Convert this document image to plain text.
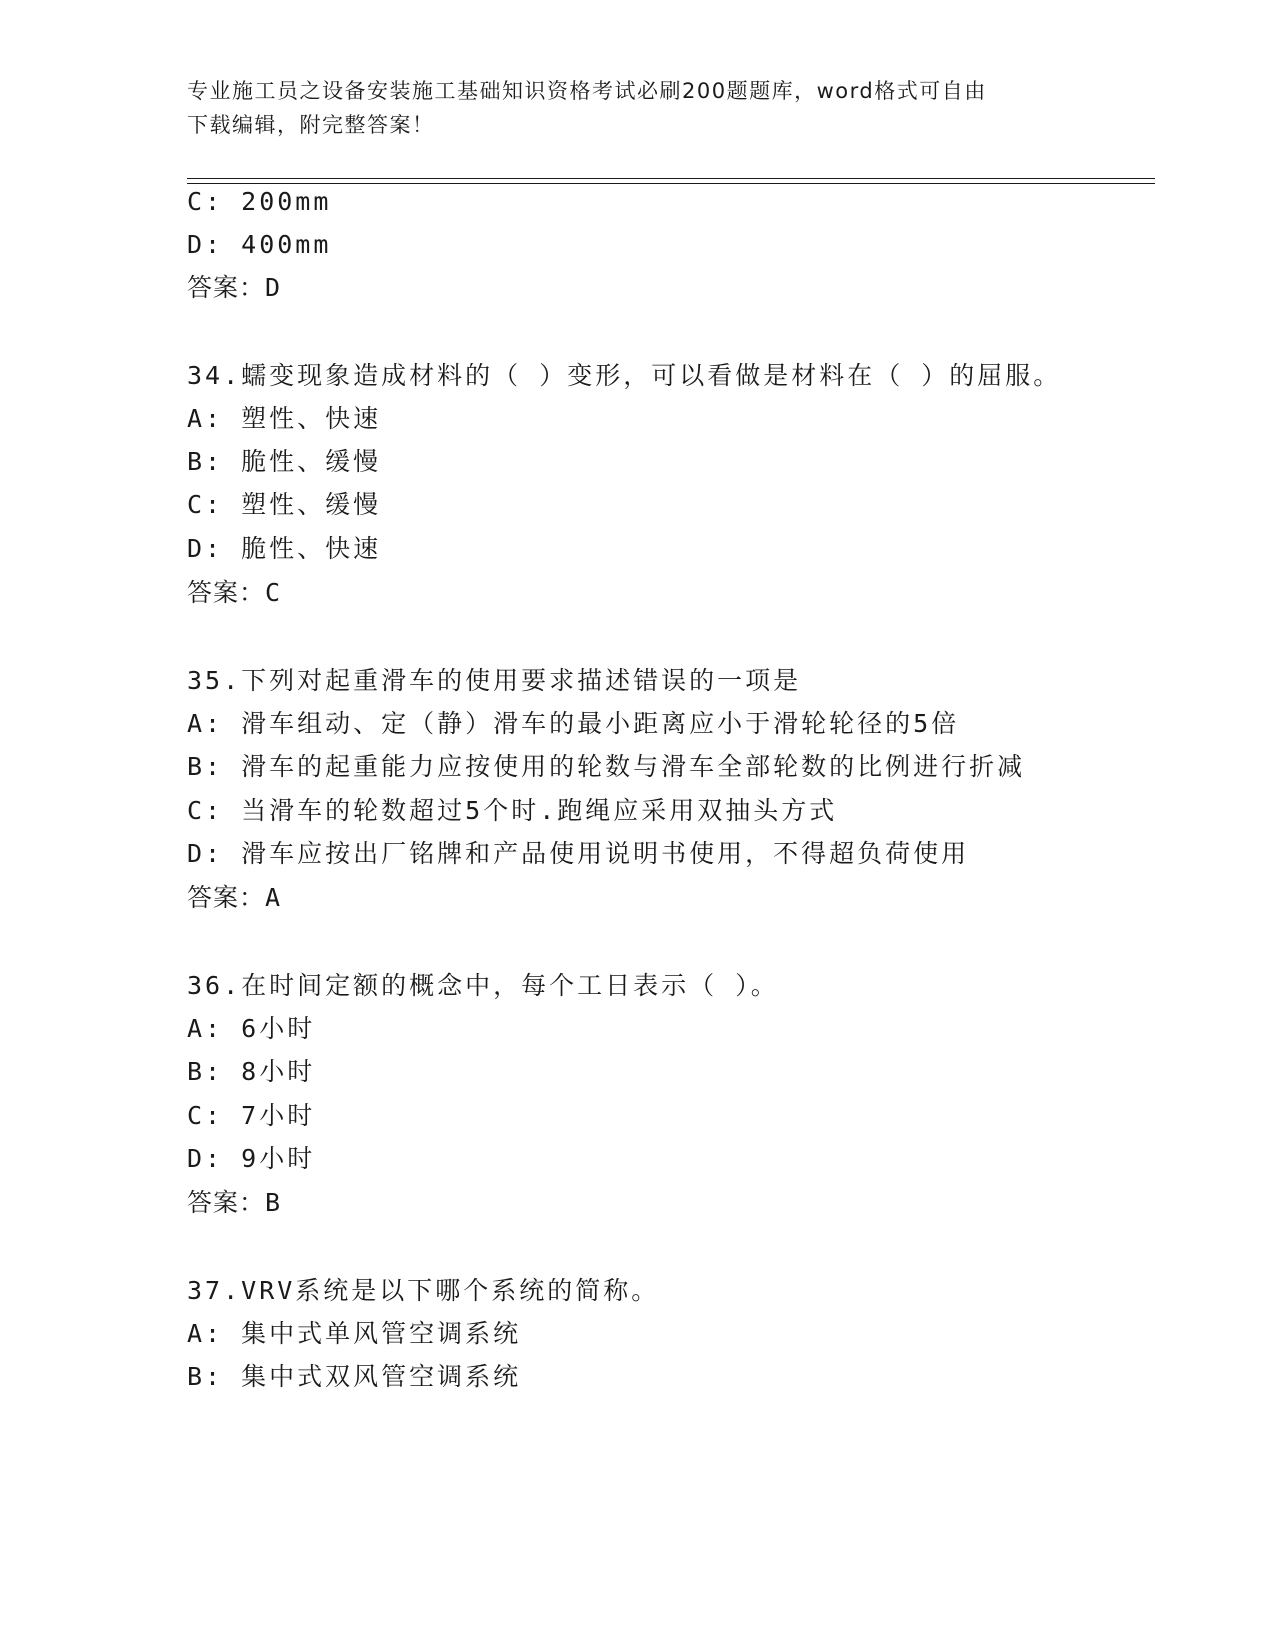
专业施工员之设备安装施工基础知识资格考试必刷200题题库，word格式可自由
下载编辑，附完整答案！
C: 200mm
D: 400mm
答案：D
34.蠕变现象造成材料的（ ）变形，可以看做是材料在（ ）的屈服。
A: 塑性、快速
B: 脆性、缓慢
C: 塑性、缓慢
D: 脆性、快速
答案：C
35.下列对起重滑车的使用要求描述错误的一项是
A: 滑车组动、定（静）滑车的最小距离应小于滑轮轮径的5倍
B: 滑车的起重能力应按使用的轮数与滑车全部轮数的比例进行折减
C: 当滑车的轮数超过5个时.跑绳应采用双抽头方式
D: 滑车应按出厂铭牌和产品使用说明书使用，不得超负荷使用
答案：A
36.在时间定额的概念中，每个工日表示（ ）。
A: 6小时
B: 8小时
C: 7小时
D: 9小时
答案：B
37.VRV系统是以下哪个系统的简称。
A: 集中式单风管空调系统
B: 集中式双风管空调系统
